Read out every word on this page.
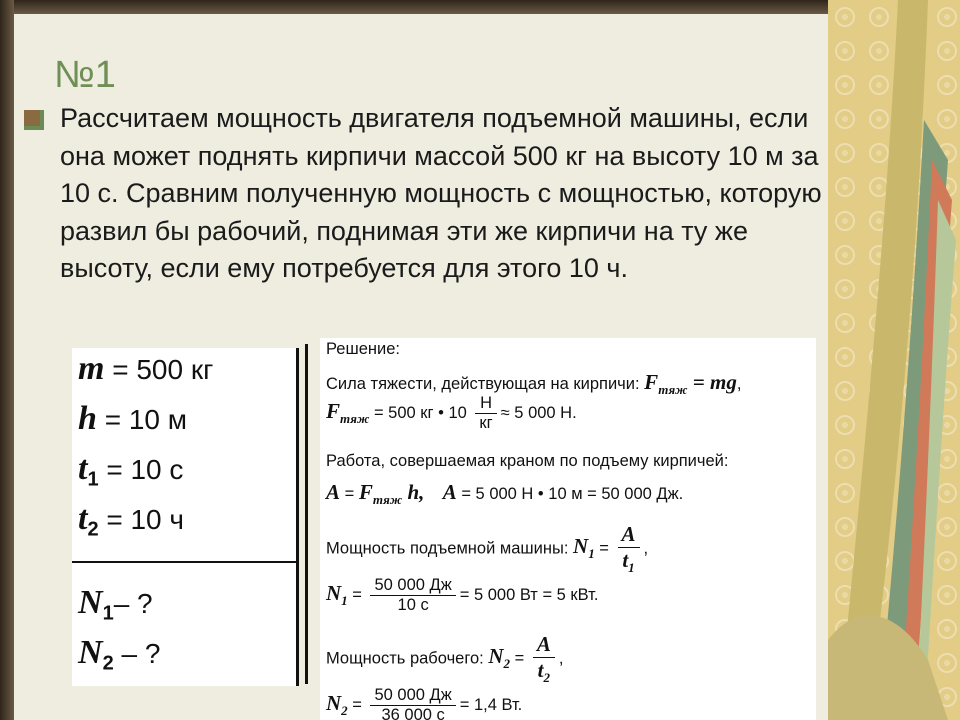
№1
Рассчитаем мощность двигателя подъемной машины, если она может поднять кирпичи массой 500 кг на высоту 10 м за 10 с. Сравним полученную мощность с мощностью, которую развил бы рабочий, поднимая эти же кирпичи на ту же высоту, если ему потребуется для этого 10 ч.
m = 500 кг
h = 10 м
$t_1 = 10$ с
$t_2 = 10$ ч
$N_1-$ ?
$N_2$ – ?
Решение:
Сила тяжести, действующая на кирпичи: $F_{тяж}$ = mg,
$F_{тяж} = 500$ кг • $10 \frac{Н}{кг} \approx 5$ 000 Н.
Работа, совершаемая краном по подъему кирпичей:
$A = F_{тяж}$ h, A = 5 000 Н • 10 м = 50 000 Дж.
Мощность подъемной машины: $N_1 = \frac{A}{t_1}$ ,
$N_1 = \frac{50 000 Дж}{10 с} = 5$ 000 Вт = 5 кВт.
Мощность рабочего: $N_2 = \frac{A}{t_2}$ ,
$N_2 = \frac{50 000 Дж}{36 000 с} = 1,4$ Вт.
